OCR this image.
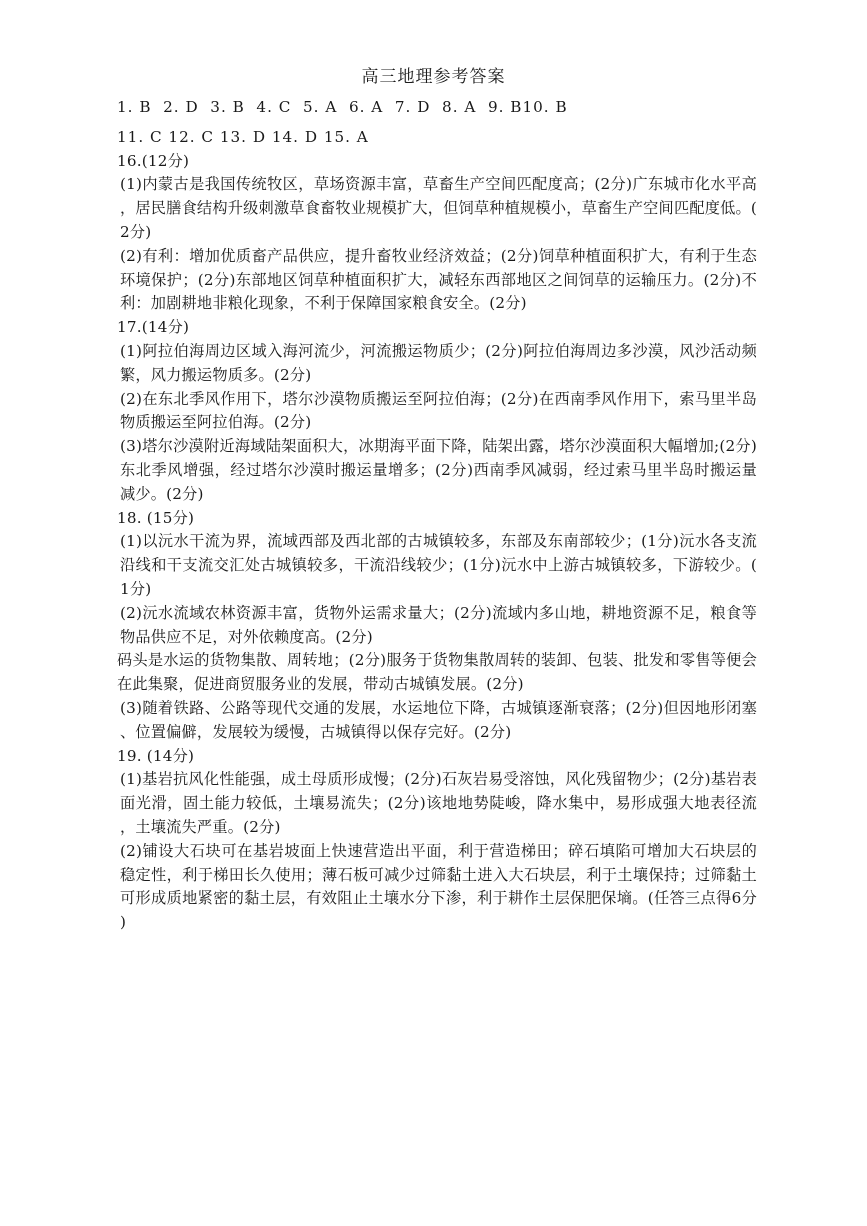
高三地理参考答案
1. B  2. D  3. B  4. C  5. A  6. A  7. D  8. A  9. B10. B
11. C 12. C 13. D 14. D 15. A
16.(12分)
(1)内蒙古是我国传统牧区，草场资源丰富，草畜生产空间匹配度高；(2分)广东城市化水平高，居民膳食结构升级刺激草食畜牧业规模扩大，但饲草种植规模小，草畜生产空间匹配度低。(2分)
(2)有利：增加优质畜产品供应，提升畜牧业经济效益；(2分)饲草种植面积扩大，有利于生态环境保护；(2分)东部地区饲草种植面积扩大，减轻东西部地区之间饲草的运输压力。(2分)不利：加剧耕地非粮化现象，不利于保障国家粮食安全。(2分)
17.(14分)
(1)阿拉伯海周边区域入海河流少，河流搬运物质少；(2分)阿拉伯海周边多沙漠，风沙活动频繁，风力搬运物质多。(2分)
(2)在东北季风作用下，塔尔沙漠物质搬运至阿拉伯海；(2分)在西南季风作用下，索马里半岛物质搬运至阿拉伯海。(2分)
(3)塔尔沙漠附近海域陆架面积大，冰期海平面下降，陆架出露，塔尔沙漠面积大幅增加;(2分)东北季风增强，经过塔尔沙漠时搬运量增多；(2分)西南季风减弱，经过索马里半岛时搬运量减少。(2分)
18. (15分)
(1)以沅水干流为界，流域西部及西北部的古城镇较多，东部及东南部较少；(1分)沅水各支流沿线和干支流交汇处古城镇较多，干流沿线较少；(1分)沅水中上游古城镇较多，下游较少。(1分)
(2)沅水流域农林资源丰富，货物外运需求量大；(2分)流域内多山地，耕地资源不足，粮食等物品供应不足，对外依赖度高。(2分)
码头是水运的货物集散、周转地；(2分)服务于货物集散周转的装卸、包装、批发和零售等便会在此集聚，促进商贸服务业的发展，带动古城镇发展。(2分)
(3)随着铁路、公路等现代交通的发展，水运地位下降，古城镇逐渐衰落；(2分)但因地形闭塞、位置偏僻，发展较为缓慢，古城镇得以保存完好。(2分)
19. (14分)
(1)基岩抗风化性能强，成土母质形成慢；(2分)石灰岩易受溶蚀，风化残留物少；(2分)基岩表面光滑，固土能力较低，土壤易流失；(2分)该地地势陡峻，降水集中，易形成强大地表径流，土壤流失严重。(2分)
(2)铺设大石块可在基岩坡面上快速营造出平面，利于营造梯田；碎石填陷可增加大石块层的稳定性，利于梯田长久使用；薄石板可减少过筛黏土进入大石块层，利于土壤保持；过筛黏土可形成质地紧密的黏土层，有效阻止土壤水分下渗，利于耕作土层保肥保墒。(任答三点得6分)
